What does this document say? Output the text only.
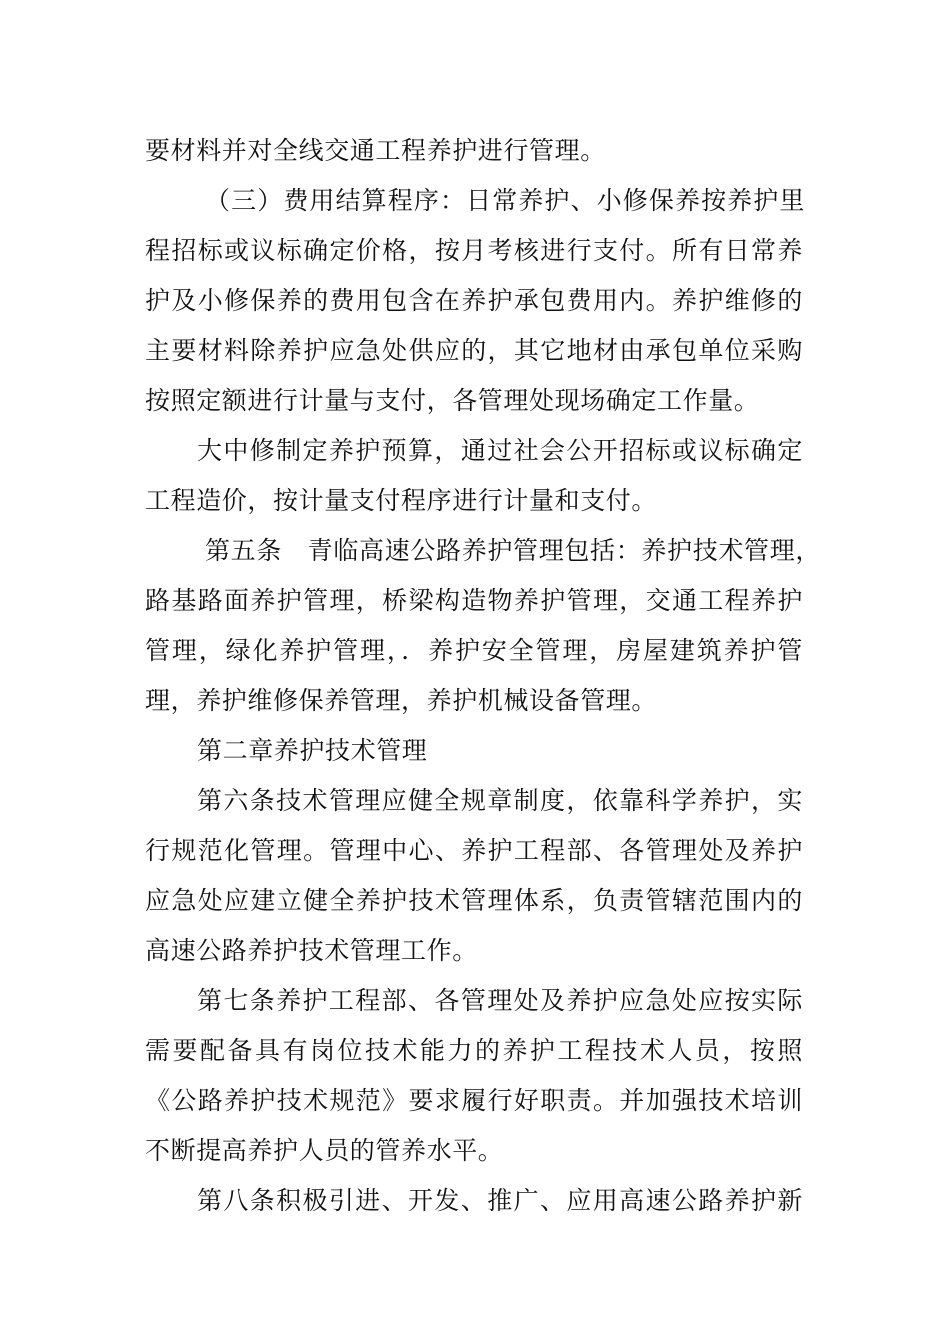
要材料并对全线交通工程养护进行管理。
（三）费用结算程序：日常养护、小修保养按养护里
程招标或议标确定价格，按月考核进行支付。所有日常养
护及小修保养的费用包含在养护承包费用内。养护维修的
主要材料除养护应急处供应的，其它地材由承包单位采购
按照定额进行计量与支付，各管理处现场确定工作量。
大中修制定养护预算，通过社会公开招标或议标确定
工程造价，按计量支付程序进行计量和支付。
第五条　青临高速公路养护管理包括：养护技术管理，
路基路面养护管理，桥梁构造物养护管理，交通工程养护
管理，绿化养护管理，．养护安全管理，房屋建筑养护管
理，养护维修保养管理，养护机械设备管理。
第二章养护技术管理
第六条技术管理应健全规章制度，依靠科学养护，实
行规范化管理。管理中心、养护工程部、各管理处及养护
应急处应建立健全养护技术管理体系，负责管辖范围内的
高速公路养护技术管理工作。
第七条养护工程部、各管理处及养护应急处应按实际
需要配备具有岗位技术能力的养护工程技术人员，按照
《公路养护技术规范》要求履行好职责。并加强技术培训
不断提高养护人员的管养水平。
第八条积极引进、开发、推广、应用高速公路养护新
